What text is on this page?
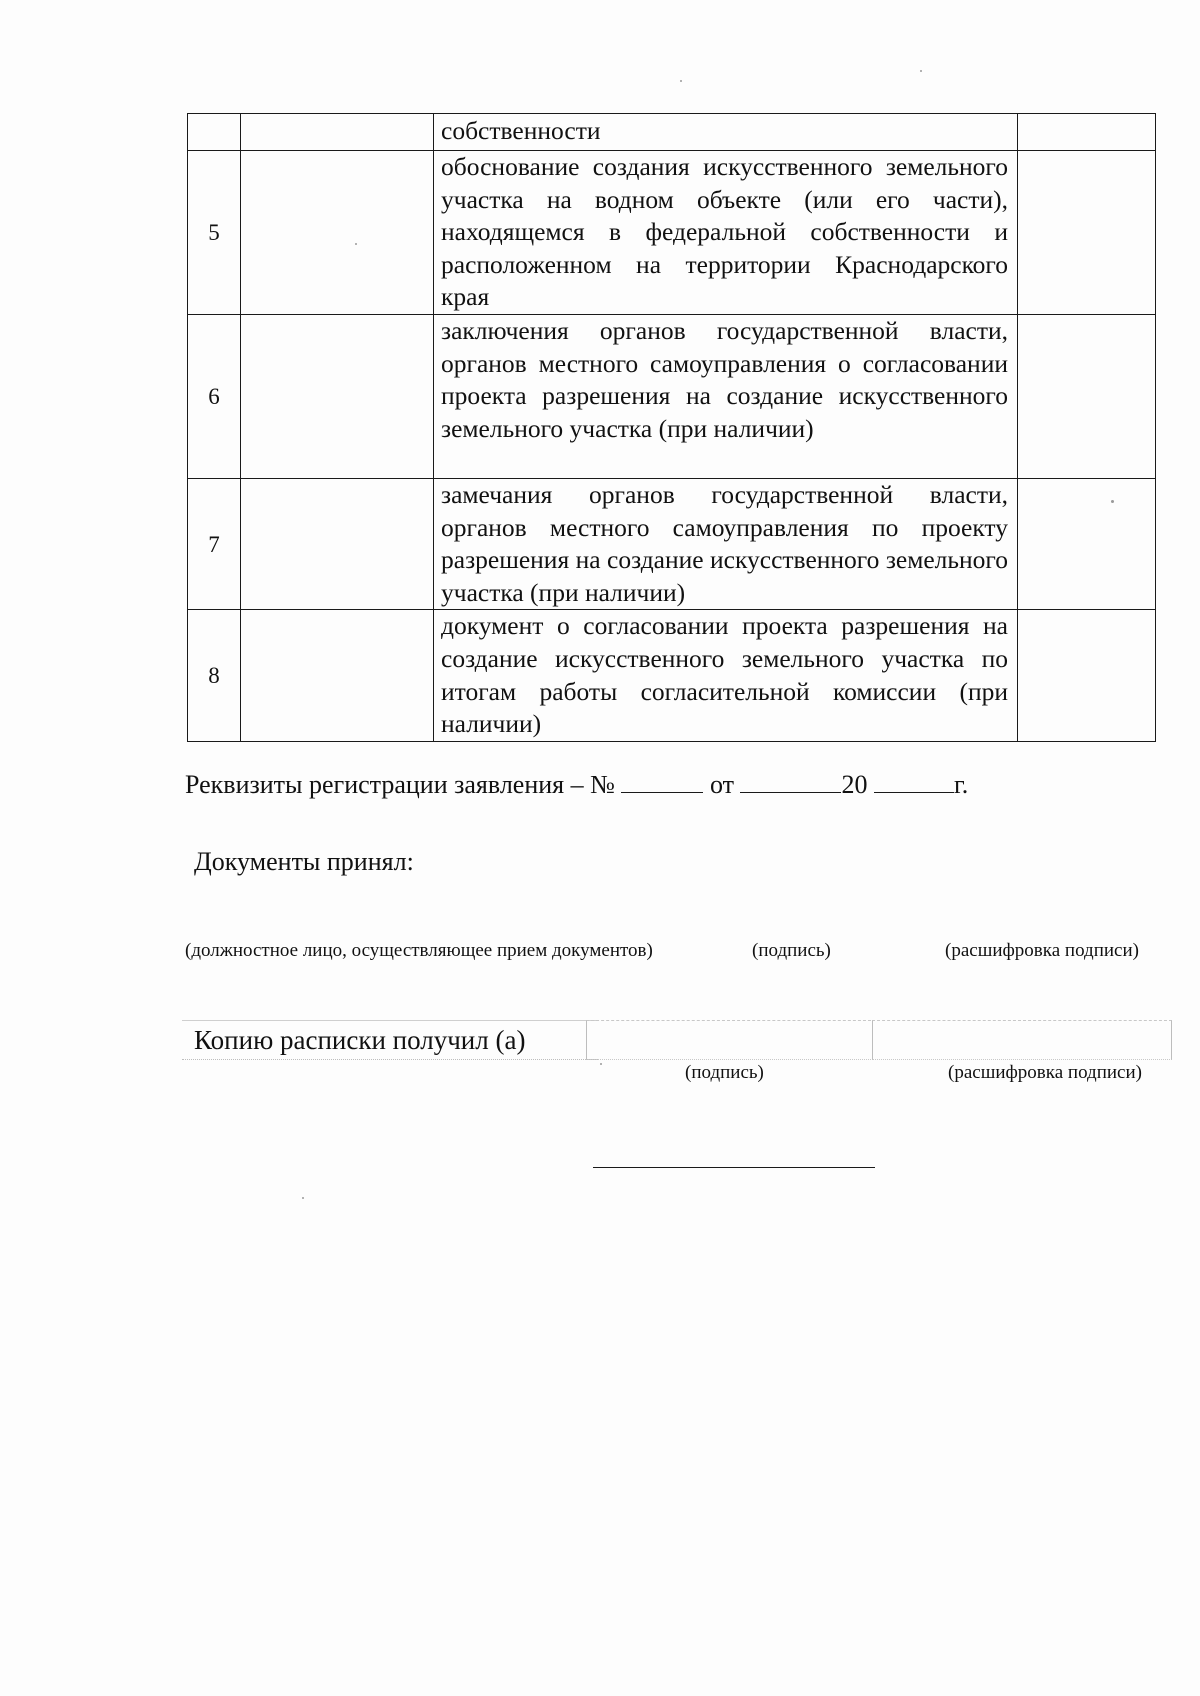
		собственности	
5		обоснование создания искусственного земельного участка на водном объекте (или его части), находящемся в федеральной собственности и расположенном на территории Краснодарского края	
6		заключения органов государственной власти, органов местного самоуправления о согласовании проекта разрешения на создание искусственного земельного участка (при наличии)	
7		замечания органов государственной власти, органов местного самоуправления по проекту разрешения на создание искусственного земельного участка (при наличии)	
8		документ о согласовании проекта разрешения на создание искусственного земельного участка по итогам работы согласительной комиссии (при наличии)	
Реквизиты регистрации заявления – №	от	20	г.
Документы принял:
(должностное лицо, осуществляющее прием документов)	(подпись)	(расшифровка подписи)
Копию расписки получил (а)
(подпись)	(расшифровка подписи)
